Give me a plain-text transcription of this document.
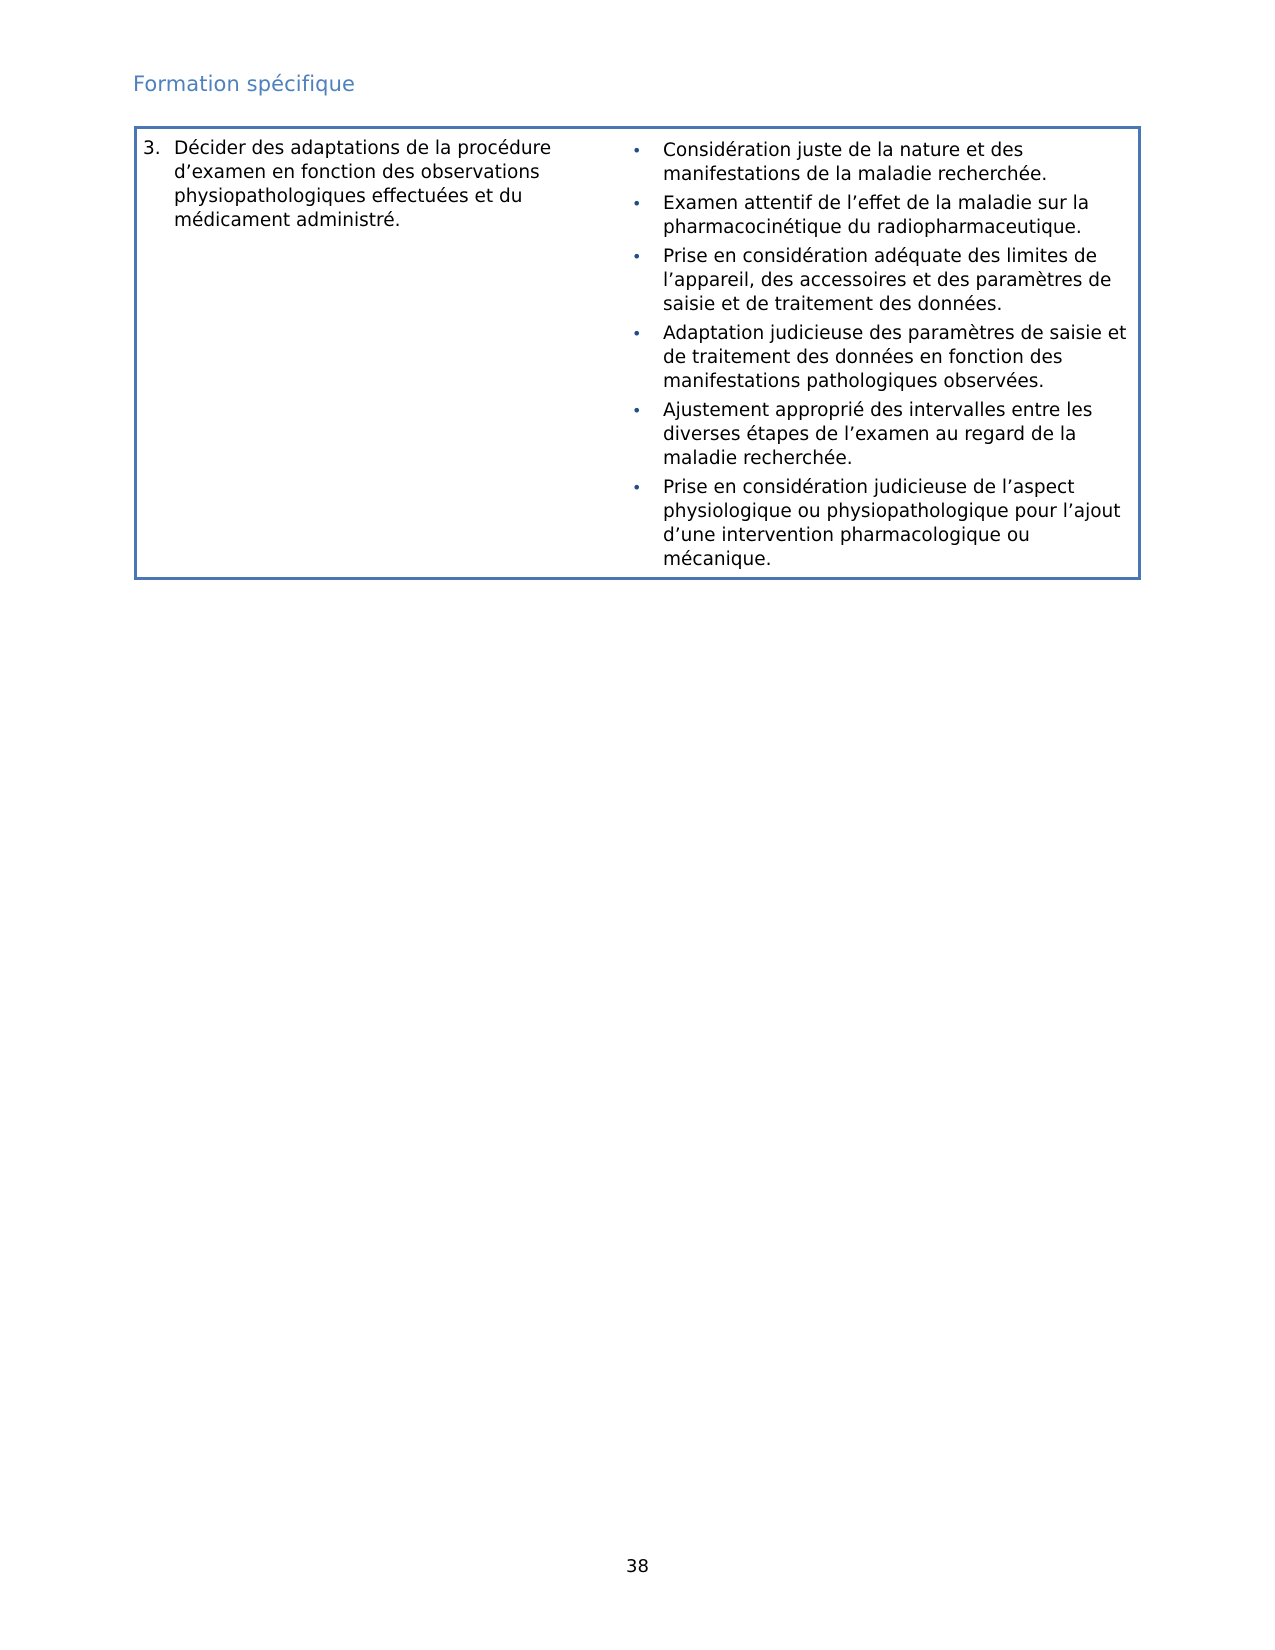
Formation spécifique
3. Décider des adaptations de la procédure d’examen en fonction des observations physiopathologiques effectuées et du médicament administré.
•	Considération juste de la nature et des manifestations de la maladie recherchée.
•	Examen attentif de l’effet de la maladie sur la pharmacocinétique du radiopharmaceutique.
•	Prise en considération adéquate des limites de l’appareil, des accessoires et des paramètres de saisie et de traitement des données.
•	Adaptation judicieuse des paramètres de saisie et de traitement des données en fonction des manifestations pathologiques observées.
•	Ajustement approprié des intervalles entre les diverses étapes de l’examen au regard de la maladie recherchée.
•	Prise en considération judicieuse de l’aspect physiologique ou physiopathologique pour l’ajout d’une intervention pharmacologique ou mécanique.
38
